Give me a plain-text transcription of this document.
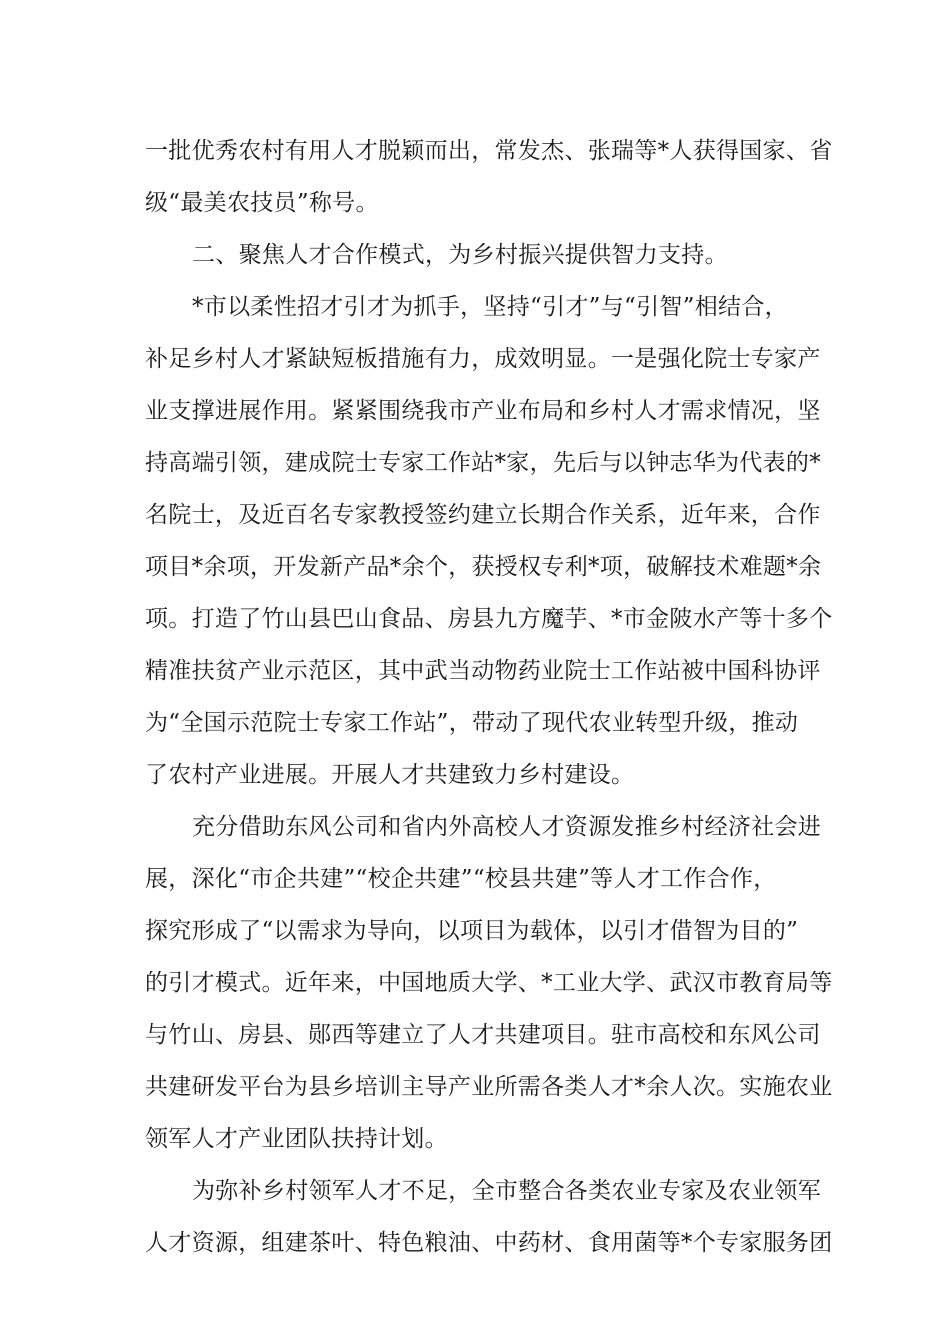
一批优秀农村有用人才脱颖而出，常发杰、张瑞等*人获得国家、省

级“最美农技员”称号。

二、聚焦人才合作模式，为乡村振兴提供智力支持。

*市以柔性招才引才为抓手，坚持“引才”与“引智”相结合，

补足乡村人才紧缺短板措施有力，成效明显。一是强化院士专家产

业支撑进展作用。紧紧围绕我市产业布局和乡村人才需求情况，坚

持高端引领，建成院士专家工作站*家，先后与以钟志华为代表的*

名院士，及近百名专家教授签约建立长期合作关系，近年来，合作

项目*余项，开发新产品*余个，获授权专利*项，破解技术难题*余

项。打造了竹山县巴山食品、房县九方魔芋、*市金陂水产等十多个

精准扶贫产业示范区，其中武当动物药业院士工作站被中国科协评

为“全国示范院士专家工作站”，带动了现代农业转型升级，推动

了农村产业进展。开展人才共建致力乡村建设。

充分借助东风公司和省内外高校人才资源发推乡村经济社会进

展，深化“市企共建”“校企共建”“校县共建”等人才工作合作，

探究形成了“以需求为导向，以项目为载体，以引才借智为目的”

的引才模式。近年来，中国地质大学、*工业大学、武汉市教育局等

与竹山、房县、郧西等建立了人才共建项目。驻市高校和东风公司

共建研发平台为县乡培训主导产业所需各类人才*余人次。实施农业

领军人才产业团队扶持计划。

为弥补乡村领军人才不足，全市整合各类农业专家及农业领军

人才资源，组建茶叶、特色粮油、中药材、食用菌等*个专家服务团
